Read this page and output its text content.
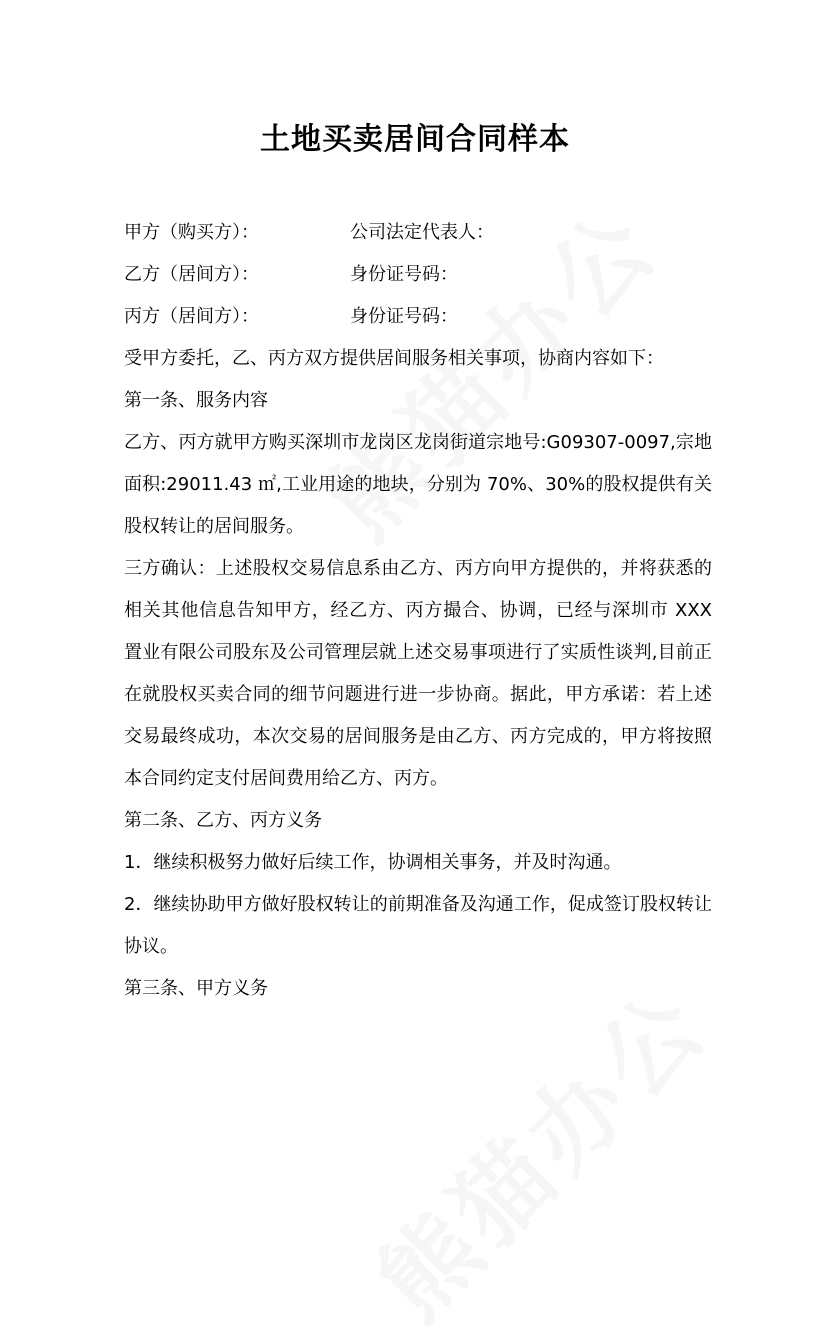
土地买卖居间合同样本
甲方（购买方）：	公司法定代表人：
乙方（居间方）：	身份证号码：
丙方（居间方）：	身份证号码：

受甲方委托，乙、丙方双方提供居间服务相关事项，协商内容如下：

第一条、服务内容

乙方、丙方就甲方购买深圳市龙岗区龙岗街道宗地号:G09307-0097,宗地面积:29011.43 ㎡,工业用途的地块，分别为 70%、30%的股权提供有关股权转让的居间服务。

三方确认：上述股权交易信息系由乙方、丙方向甲方提供的，并将获悉的相关其他信息告知甲方，经乙方、丙方撮合、协调，已经与深圳市 XXX 置业有限公司股东及公司管理层就上述交易事项进行了实质性谈判,目前正在就股权买卖合同的细节问题进行进一步协商。据此，甲方承诺：若上述交易最终成功，本次交易的居间服务是由乙方、丙方完成的，甲方将按照本合同约定支付居间费用给乙方、丙方。

第二条、乙方、丙方义务

1．继续积极努力做好后续工作，协调相关事务，并及时沟通。

2．继续协助甲方做好股权转让的前期准备及沟通工作，促成签订股权转让协议。

第三条、甲方义务
